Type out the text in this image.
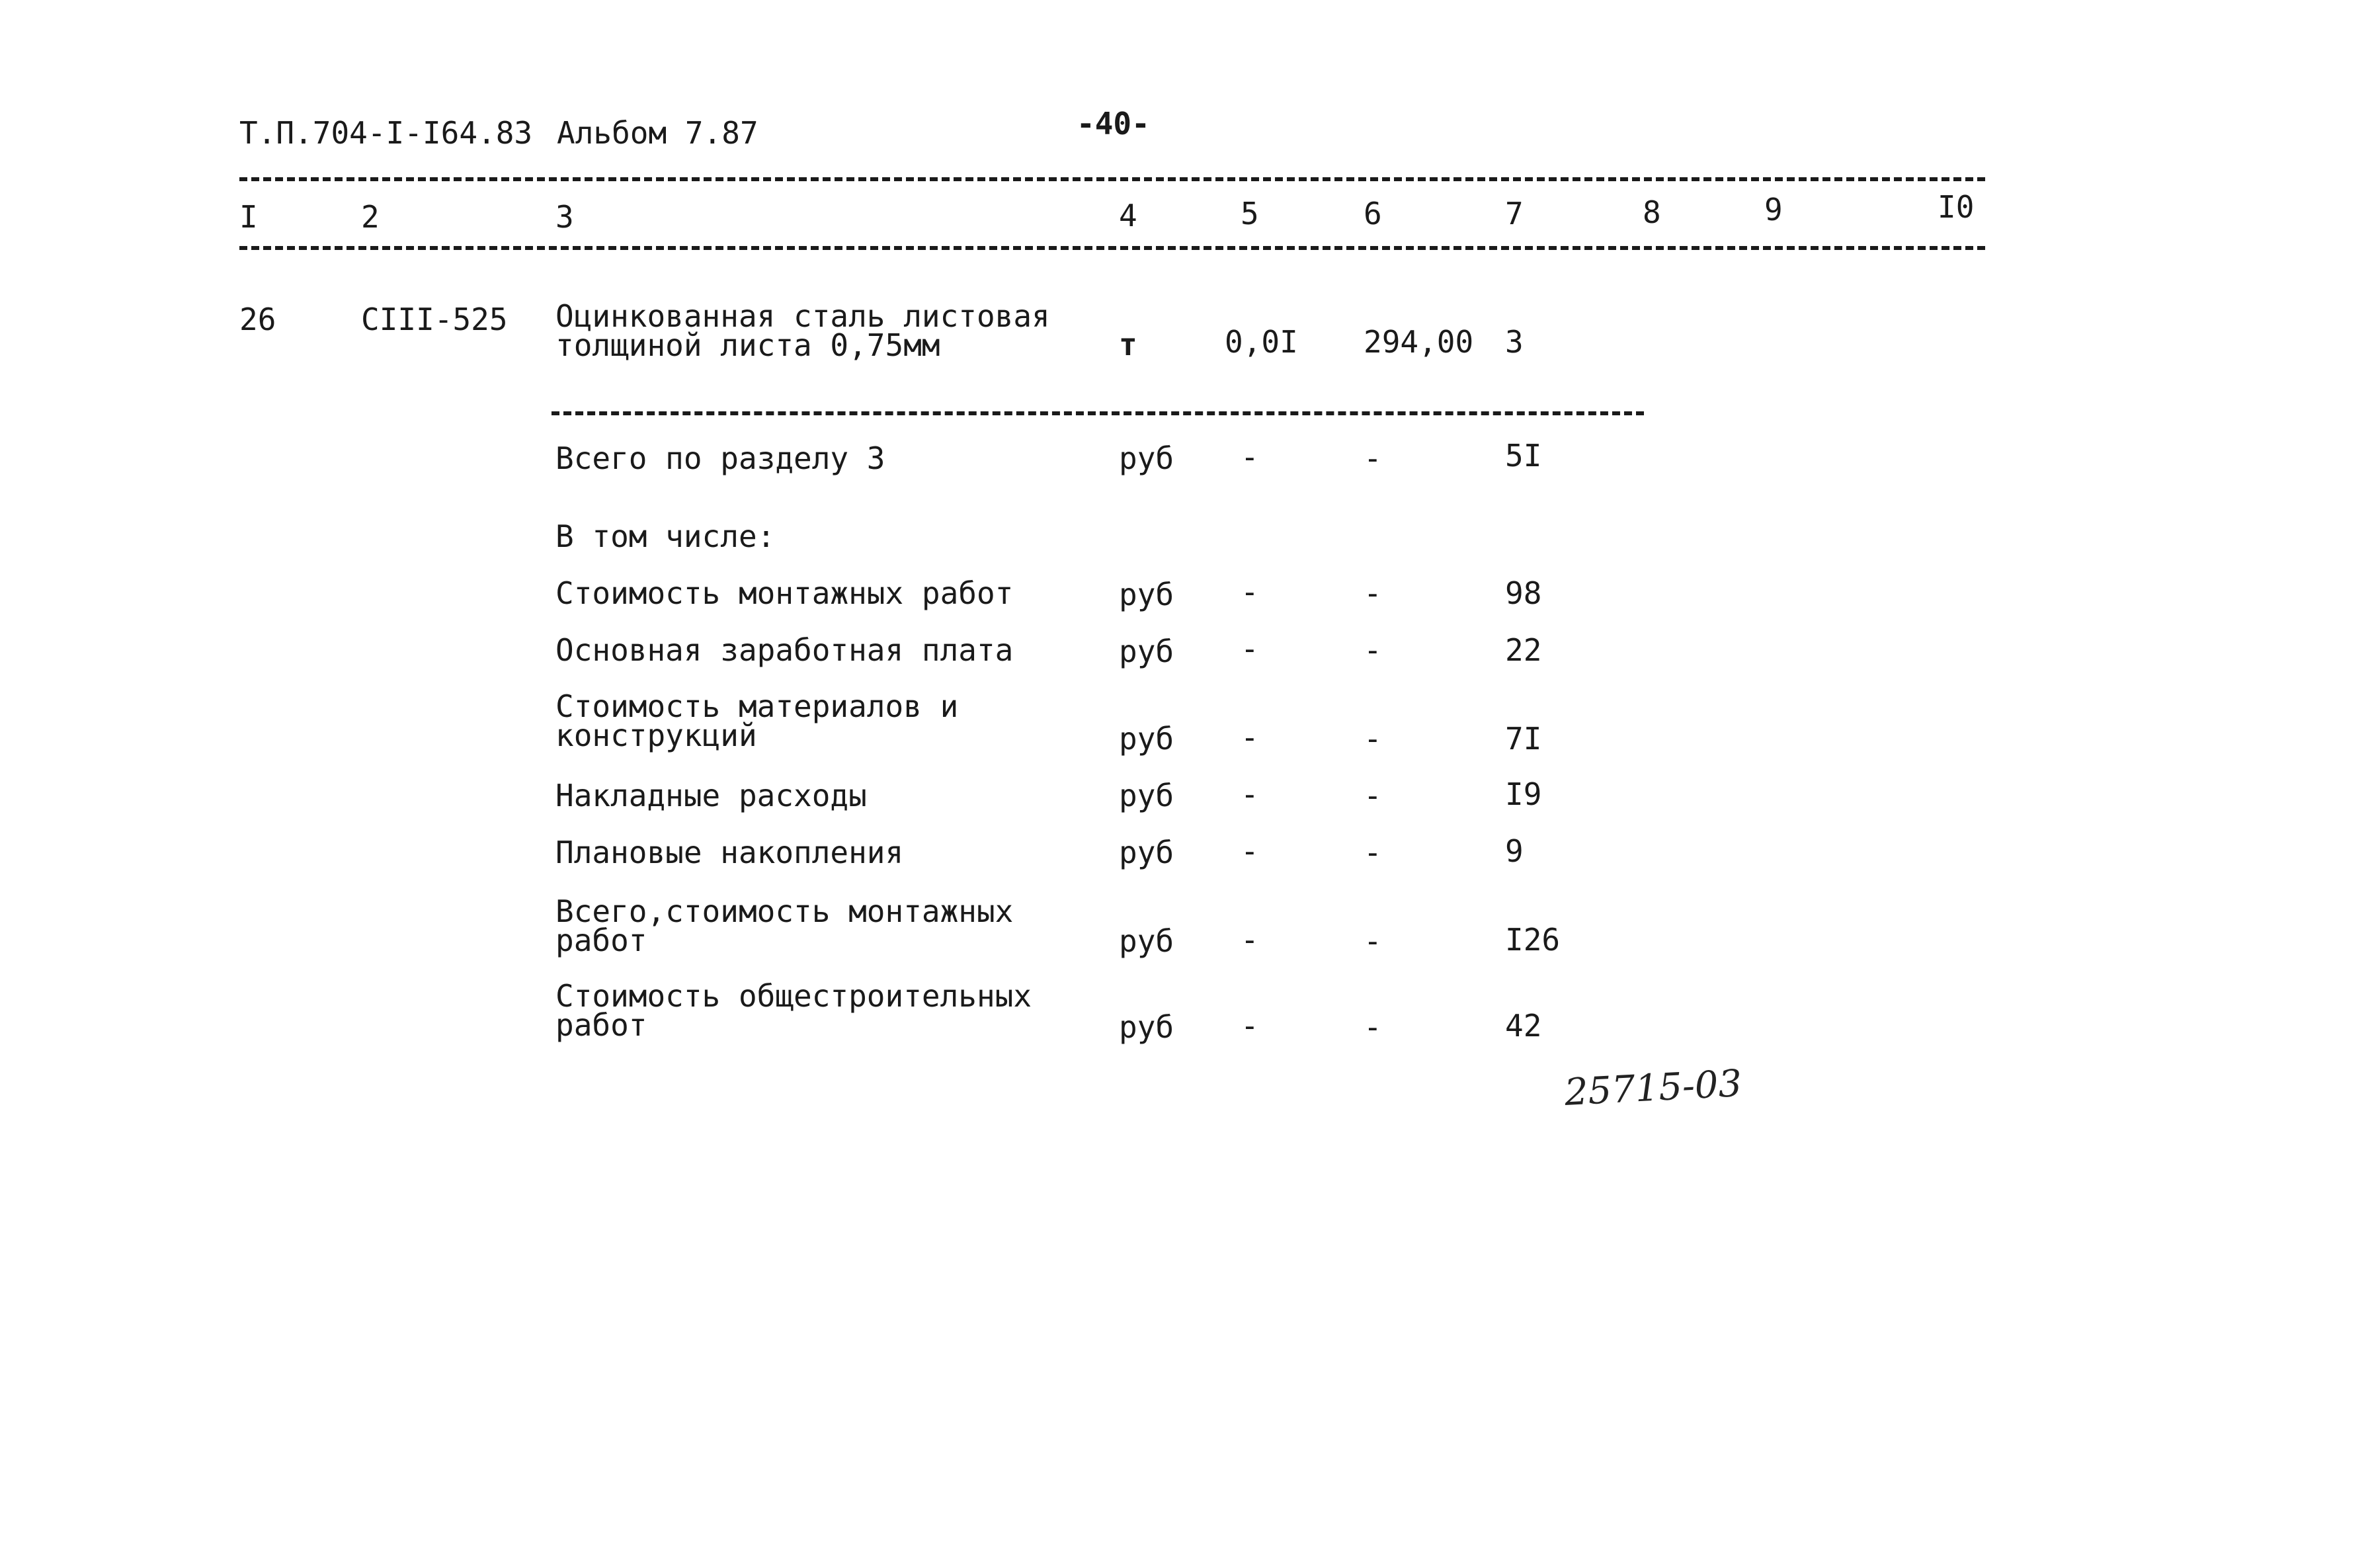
Т.П.704-I-I64.83 Альбом 7.87	-40-
I	2	3	4	5	6	7	8	9	I0
26	СIII-525 Оцинкованная сталь листовая
толщиной листа 0,75мм	т	0,0I 294,00 3
Всего по разделу 3	руб -	-	5I
В том числе:
Стоимость монтажных работ	руб -	-	98
Основная заработная плата	руб -	-	22
Стоимость материалов и
конструкций	руб -	-	7I
Накладные расходы	руб -	-	I9
Плановые накопления	руб -	-	9
Всего,стоимость монтажных
работ	руб -	-	I26
Стоимость общестроительных
работ	руб -	-	42
25715-03
